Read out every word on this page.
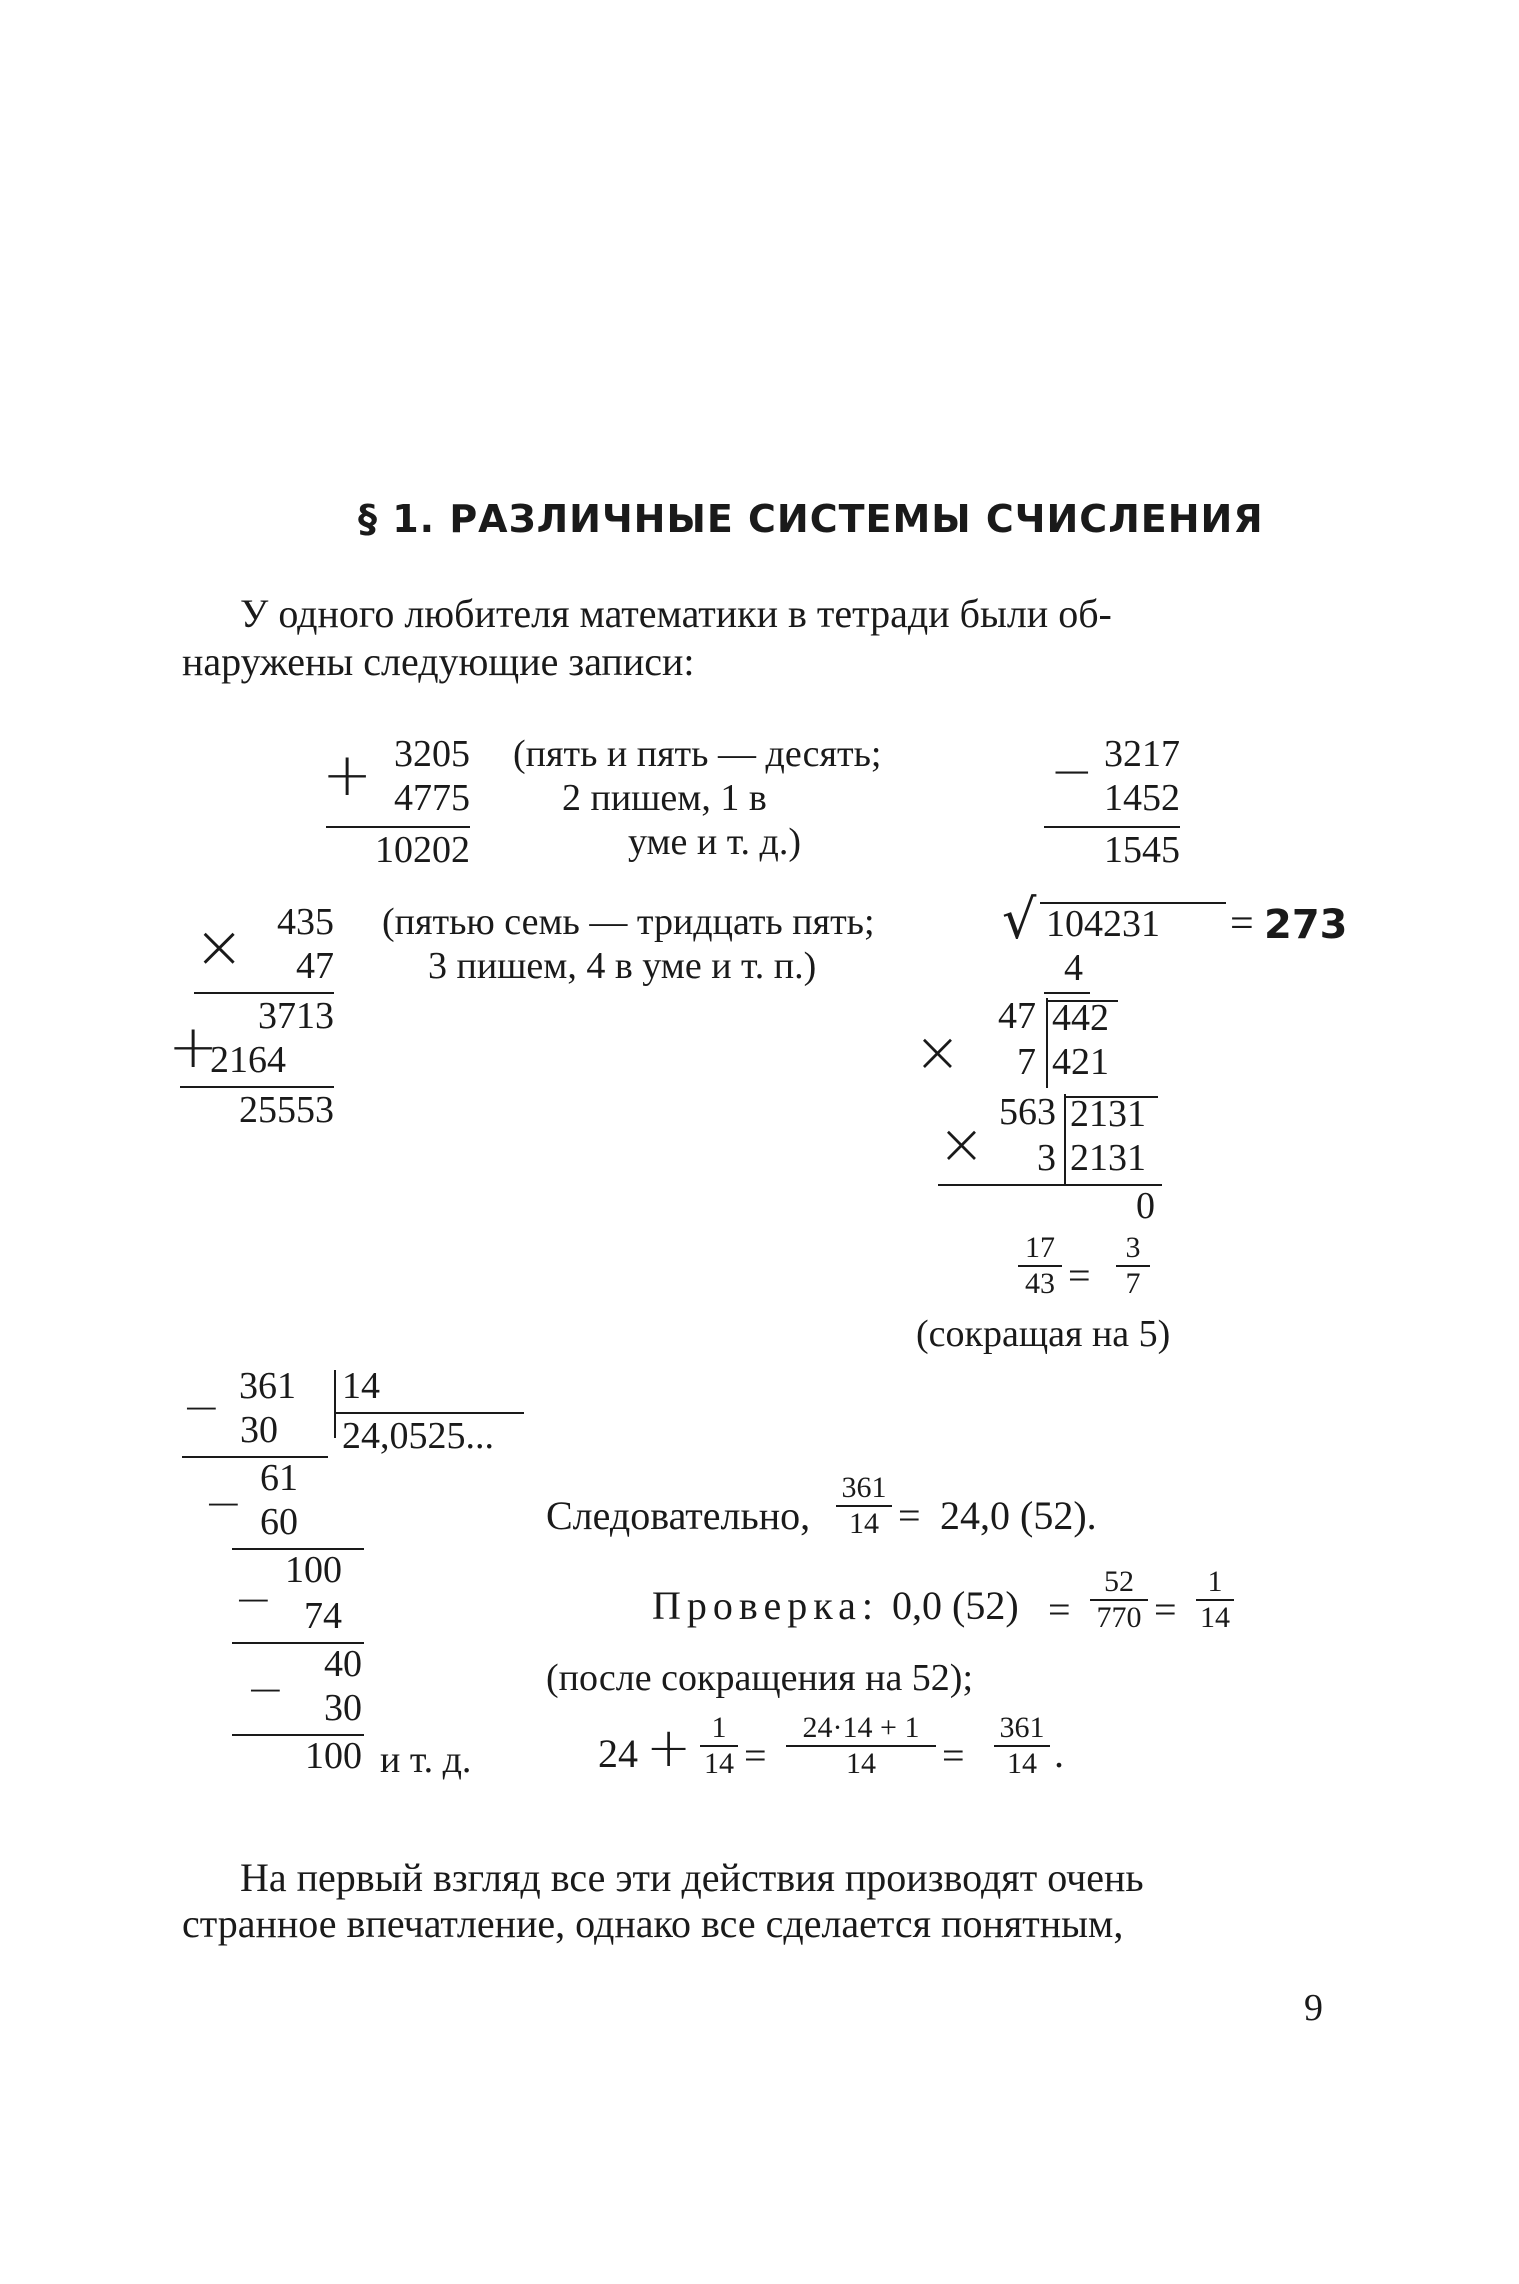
§ 1. РАЗЛИЧНЫЕ СИСТЕМЫ СЧИСЛЕНИЯ
У одного любителя математики в тетради были об-
наружены следующие записи:
+ 3205
4775
10202
(пять и пять — десять;
2 пишем, 1 в
уме и т. д.)
− 3217
1452
1545
× 435
47
+	3713
2164
25553
(пятью семь — тридцать пять;
3 пишем, 4 в уме и т. п.)
√ 104231 = 273
4
×
47 442
7 421
× 563 2131
3 2131
0
17
43 =
3
7
(сокращая на 5)
361 14
24,0525...
− 30
61
− 60
100
− 74
40
−	30
100 и т. д.
Следовательно,
361
14 = 24,0 (52).
Проверка: 0,0 (52) =
52
770 =
1
14
(после сокращения на 52);
24 + 1
14 =
24·14 + 1
14	=
361
14 .
На первый взгляд все эти действия производят очень
странное впечатление, однако все сделается понятным,
9
